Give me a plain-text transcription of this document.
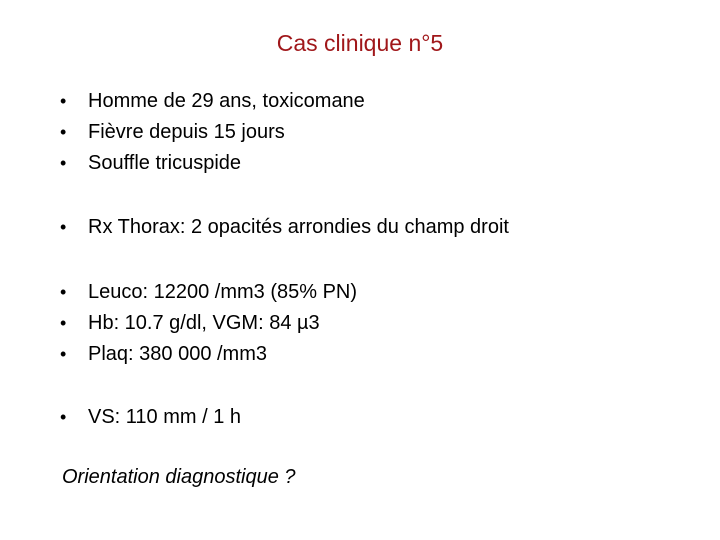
Cas clinique n°5
•	Homme de 29 ans, toxicomane
•	Fièvre depuis 15 jours
•	Souffle tricuspide
•	Rx Thorax: 2 opacités arrondies du champ droit
•	Leuco: 12200 /mm3 (85% PN)
•	Hb: 10.7 g/dl, VGM: 84 µ3
•	Plaq: 380 000 /mm3
•	VS: 110 mm / 1 h

Orientation diagnostique ?
